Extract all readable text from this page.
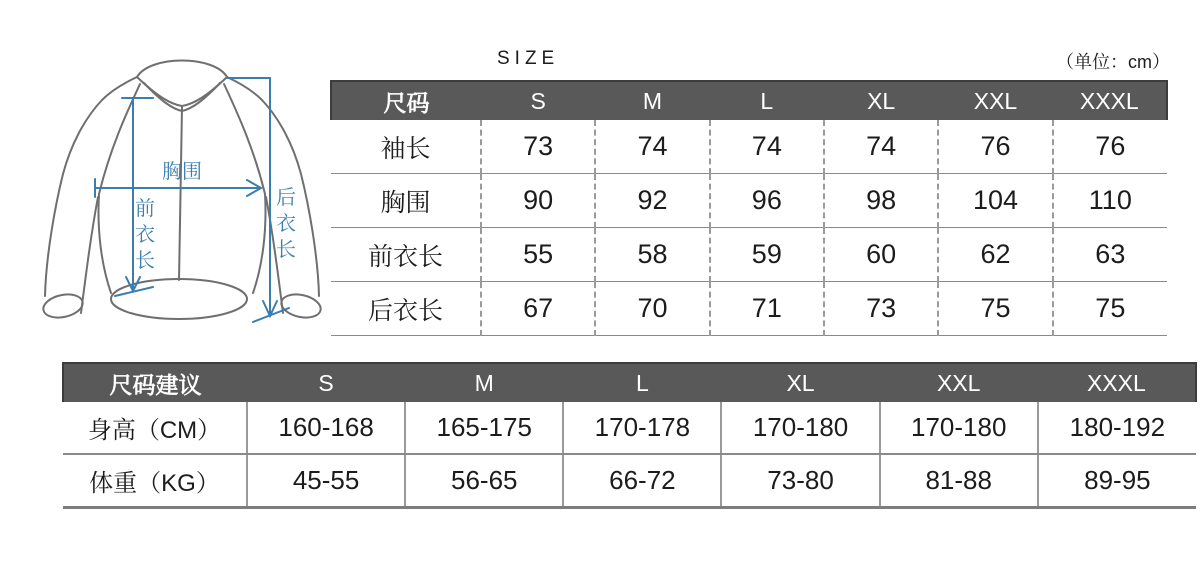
胸围
前衣长
后衣长
SIZE	（单位：cm）
尺码	S	M	L	XL	XXL	XXXL
袖长	73	74	74	74	76	76
胸围	90	92	96	98	104	110
前衣长	55	58	59	60	62	63
后衣长	67	70	71	73	75	75
尺码建议	S	M	L	XL	XXL	XXXL
身高（CM）	160-168	165-175	170-178	170-180	170-180	180-192
体重（KG）	45-55	56-65	66-72	73-80	81-88	89-95
